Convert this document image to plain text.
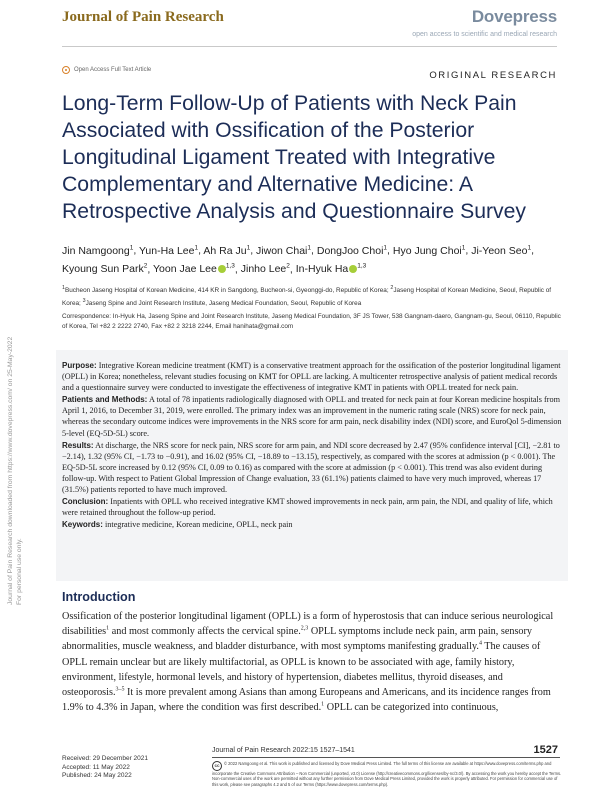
Journal of Pain Research	Dovepress
open access to scientific and medical research
Open Access Full Text Article	ORIGINAL RESEARCH
Journal of Pain Research downloaded from https://www.dovepress.com/ on 25-May-2022 For personal use only.
Long-Term Follow-Up of Patients with Neck Pain Associated with Ossification of the Posterior Longitudinal Ligament Treated with Integrative Complementary and Alternative Medicine: A Retrospective Analysis and Questionnaire Survey
Jin Namgoong$^1$, Yun-Ha Lee$^1$, Ah Ra Ju$^1$, Jiwon Chai$^1$, DongJoo Choi$^1$, Hyo Jung Choi$^1$, Ji-Yeon Seo$^1$, Kyoung Sun Park$^2$, Yoon Jae Lee $^{1,3}$, Jinho Lee$^2$, In-Hyuk Ha $^{1,3}$
$^1$Bucheon Jaseng Hospital of Korean Medicine, 414 KR in Sangdong, Bucheon-si, Gyeonggi-do, Republic of Korea; $^2$Jaseng Hospital of Korean Medicine, Seoul, Republic of Korea; $^3$Jaseng Spine and Joint Research Institute, Jaseng Medical Foundation, Seoul, Republic of Korea
Correspondence: In-Hyuk Ha, Jaseng Spine and Joint Research Institute, Jaseng Medical Foundation, 3F JS Tower, 538 Gangnam-daero, Gangnam-gu, Seoul, 06110, Republic of Korea, Tel +82 2 2222 2740, Fax +82 2 3218 2244, Email hanihata@gmail.com

Purpose: Integrative Korean medicine treatment (KMT) is a conservative treatment approach for the ossification of the posterior longitudinal ligament (OPLL) in Korea; nonetheless, relevant studies focusing on KMT for OPLL are lacking. A multicenter retrospective analysis of patient medical records and a questionnaire survey were conducted to investigate the effectiveness of integrative KMT in patients with OPLL treated for neck pain.

Patients and Methods: A total of 78 inpatients radiologically diagnosed with OPLL and treated for neck pain at four Korean medicine hospitals from April 1, 2016, to December 31, 2019, were enrolled. The primary index was an improvement in the numeric rating scale (NRS) score for neck pain, whereas the secondary outcome indices were improvements in the NRS score for arm pain, neck disability index (NDI) score, and EuroQol 5-dimension 5-level (EQ-5D-5L) score.

Results: At discharge, the NRS score for neck pain, NRS score for arm pain, and NDI score decreased by 2.47 (95% confidence interval [CI], −2.81 to −2.14), 1.32 (95% CI, −1.73 to −0.91), and 16.02 (95% CI, −18.89 to −13.15), respectively, as compared with the scores at admission (p < 0.001). The EQ-5D-5L score increased by 0.12 (95% CI, 0.09 to 0.16) as compared with the score at admission (p < 0.001). This trend was also evident during follow-up. With respect to Patient Global Impression of Change evaluation, 33 (61.1%) patients claimed to have very much improved, whereas 17 (31.5%) patients reported to have much improved.

Conclusion: Inpatients with OPLL who received integrative KMT showed improvements in neck pain, arm pain, the NDI, and quality of life, which were retained throughout the follow-up period.

Keywords: integrative medicine, Korean medicine, OPLL, neck pain

Introduction
Ossification of the posterior longitudinal ligament (OPLL) is a form of hyperostosis that can induce serious neurological disabilities$^1$ and most commonly affects the cervical spine.$^{2,3}$ OPLL symptoms include neck pain, arm pain, sensory abnormalities, muscle weakness, and bladder disturbance, with most symptoms manifesting gradually.$^4$ The causes of OPLL remain unclear but are likely multifactorial, as OPLL is known to be associated with age, family history, environment, lifestyle, hormonal levels, and history of hypertension, diabetes mellitus, thyroid diseases, and osteoporosis.$^{3-5}$ It is more prevalent among Asians than among Europeans and Americans, and its incidence ranges from 1.9% to 4.3% in Japan, where the condition was first described.$^1$ OPLL can be categorized into continuous,
Received: 29 December 2021
Accepted: 11 May 2022
Published: 24 May 2022
Journal of Pain Research 2022:15 1527–1541	1527
cc © 2022 Namgoong et al. This work is published and licensed by Dove Medical Press Limited. The full terms of this license are available at https://www.dovepress.com/terms.php and incorporate the Creative Commons Attribution – Non Commercial (unported, v3.0) License (http://creativecommons.org/licenses/by-nc/3.0/). By accessing the work you hereby accept the Terms. Non-commercial uses of the work are permitted without any further permission from Dove Medical Press Limited, provided the work is properly attributed. For permission for commercial use of this work, please see paragraphs 4.2 and 5 of our Terms (https://www.dovepress.com/terms.php).
